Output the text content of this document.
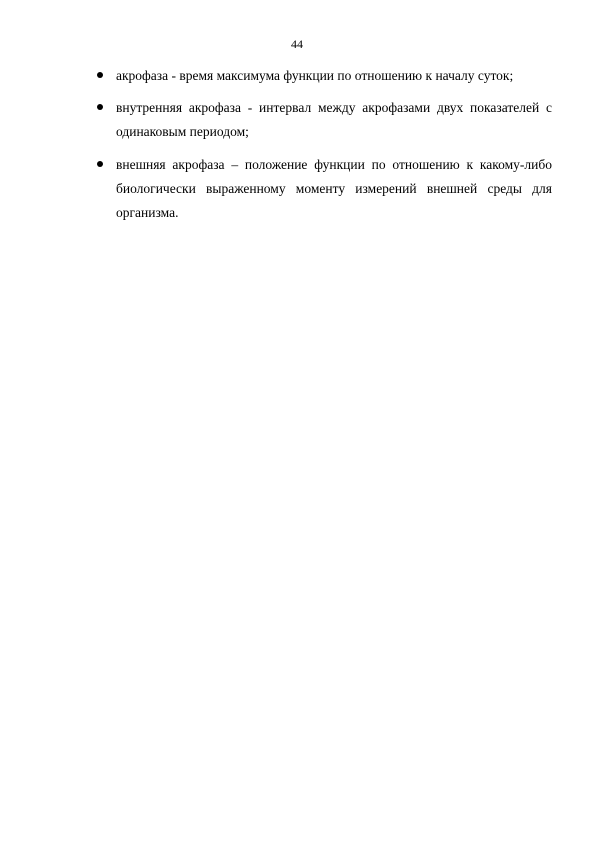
44
акрофаза - время максимума функции по отношению к началу суток;
внутренняя акрофаза - интервал между акрофазами двух показателей с одинаковым периодом;
внешняя акрофаза – положение функции по отношению к какому-либо биологически выраженному моменту измерений внешней среды для организма.
